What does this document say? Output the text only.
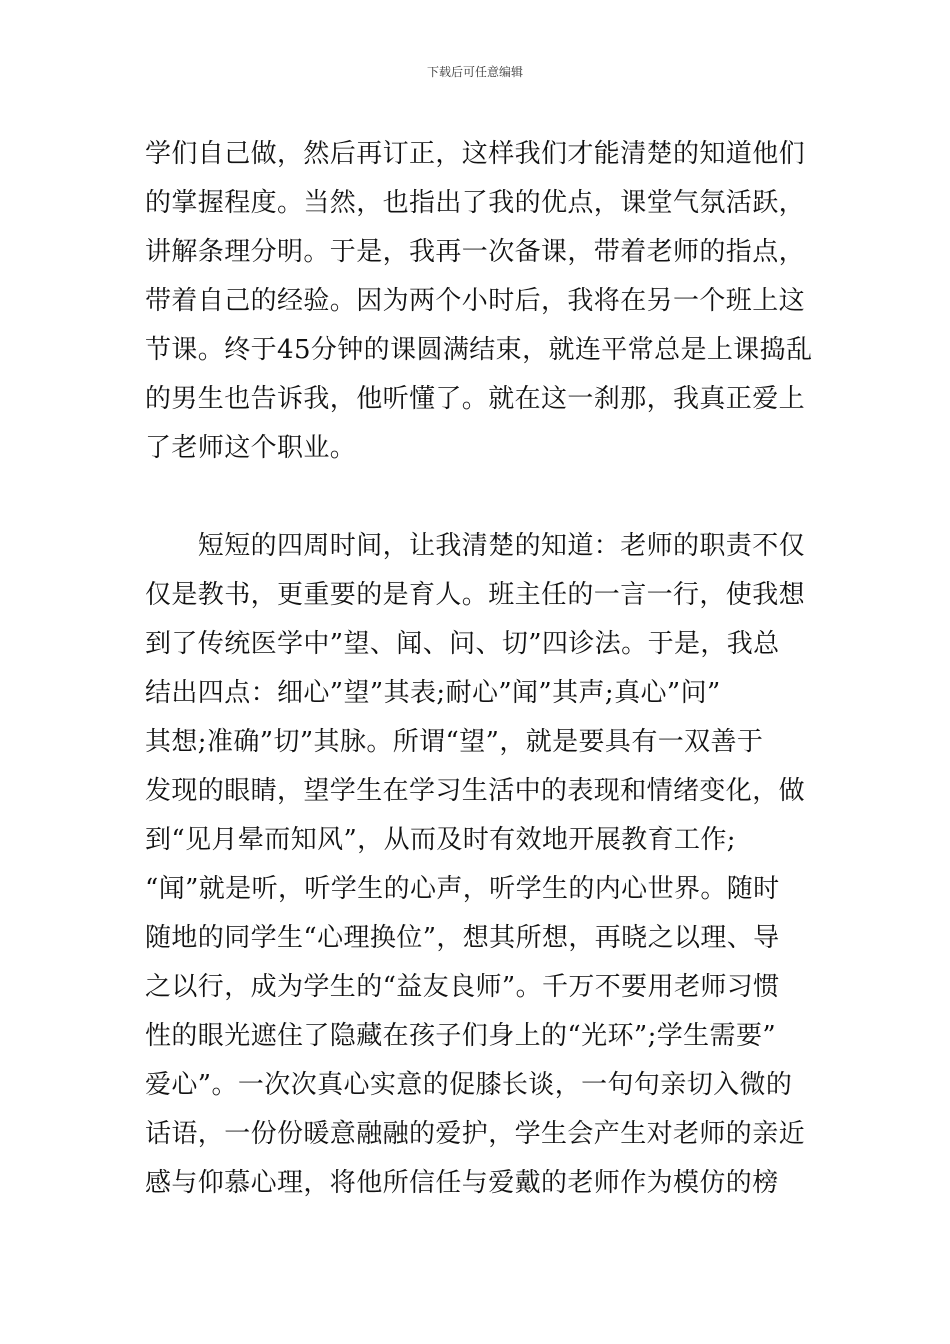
下载后可任意编辑
学们自己做，然后再订正，这样我们才能清楚的知道他们
的掌握程度。当然，也指出了我的优点，课堂气氛活跃，
讲解条理分明。于是，我再一次备课，带着老师的指点，
带着自己的经验。因为两个小时后，我将在另一个班上这
节课。终于45分钟的课圆满结束，就连平常总是上课捣乱
的男生也告诉我，他听懂了。就在这一刹那，我真正爱上
了老师这个职业。
　　短短的四周时间，让我清楚的知道：老师的职责不仅
仅是教书，更重要的是育人。班主任的一言一行，使我想
到了传统医学中”望、闻、问、切”四诊法。于是，我总
结出四点：细心”望”其表;耐心”闻”其声;真心”问”
其想;准确”切”其脉。所谓“望”，就是要具有一双善于
发现的眼睛，望学生在学习生活中的表现和情绪变化，做
到“见月晕而知风”，从而及时有效地开展教育工作;
“闻”就是听，听学生的心声，听学生的内心世界。随时
随地的同学生“心理换位”，想其所想，再晓之以理、导
之以行，成为学生的“益友良师”。千万不要用老师习惯
性的眼光遮住了隐藏在孩子们身上的“光环”;学生需要”
爱心”。一次次真心实意的促膝长谈，一句句亲切入微的
话语，一份份暖意融融的爱护，学生会产生对老师的亲近
感与仰慕心理，将他所信任与爱戴的老师作为模仿的榜
